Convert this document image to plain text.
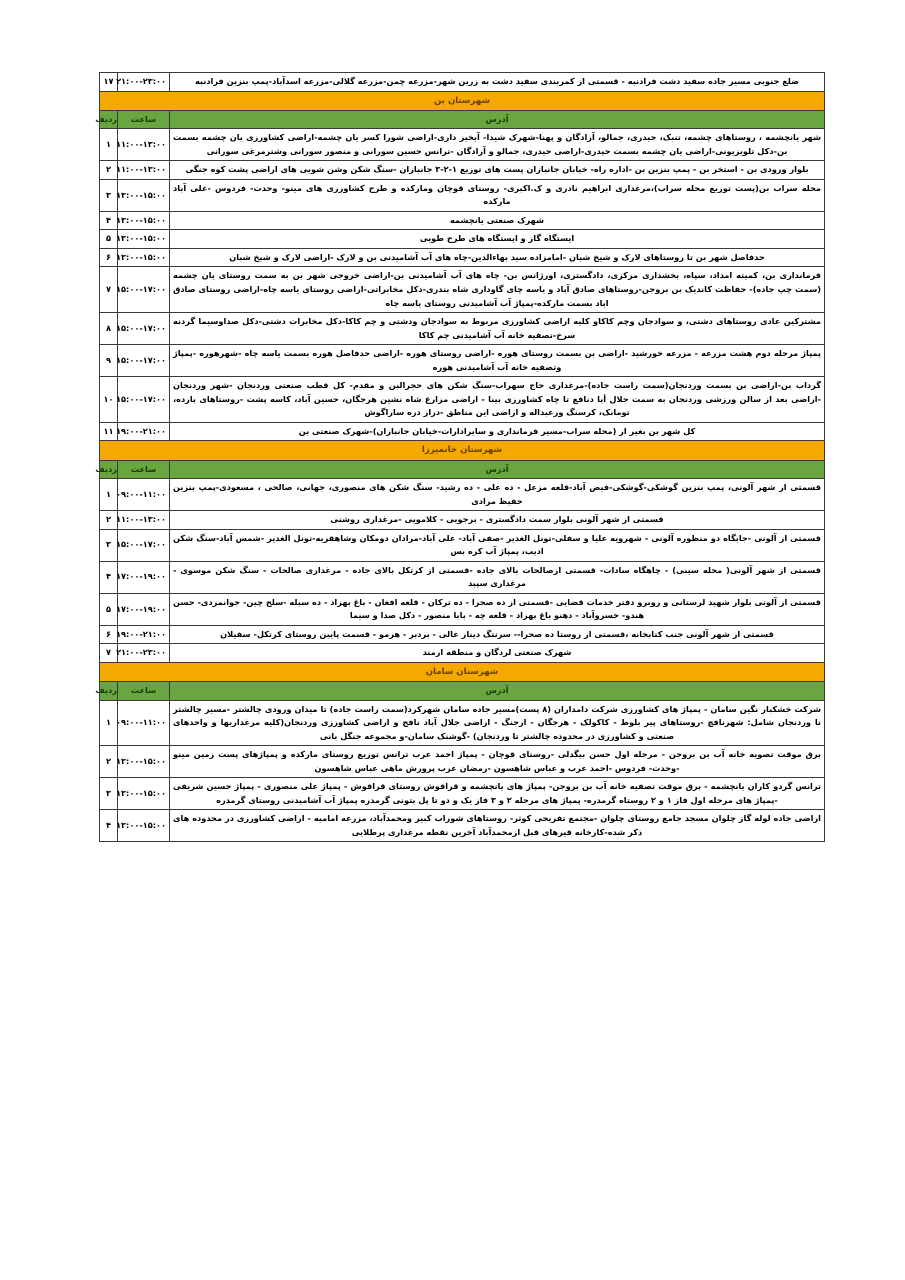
ضلع جنوبی مسیر جاده سفید دشت فرادنبه - قسمتی از کمربندی سفید دشت به زرین شهر-مزرعه چمن-مزرعه گلالی-مزرعه اسدآباد-پمپ بنزین فرادنبه	۲۱:۰۰-۲۳:۰۰	۱۷
شهرستان بن		
آدرس	ساعت	ردیف
شهر یانچشمه ، روستاهای چشمه، تنبک، حیدری، جمالو، آزادگان و پهنا-شهرک شیدا- آبخیز داری-اراضی شورا کسر یان چشمه-اراضی کشاورزی یان چشمه بسمت بن-دکل تلویزیونی-اراضی یان چشمه بسمت حیدری-اراضی حیدری، جمالو و آزادگان -ترانس حسین سورانی و منصور سورانی وشترمرغی سورانی	۱۱:۰۰-۱۳:۰۰	۱
بلوار ورودی بن - استخر بن - پمپ بنزین بن -اداره راه- خیابان جانبازان پست های توزیع ۱-۲-۳ جانبازان -سنگ شکن وشن شویی های اراضی پشت کوه جنگی	۱۱:۰۰-۱۳:۰۰	۲
محله سراب بن(پست توزیع محله سراب)،مرغداری ابراهیم نادری و ک.اکبری- روستای قوچان ومارکده و طرح کشاورزی های مینو- وحدت- فردوس -علی آباد مارکده	۱۳:۰۰-۱۵:۰۰	۳
شهرک صنعتی یانچشمه	۱۳:۰۰-۱۵:۰۰	۴
ایستگاه گاز و ایستگاه های طرح طوبی	۱۳:۰۰-۱۵:۰۰	۵
حدفاصل شهر بن تا روستاهای لارک و شیخ شبان -امامزاده سید بهاءالدین-چاه های آب آشامیدنی بن و لارک -اراضی لارک و شیخ شبان	۱۳:۰۰-۱۵:۰۰	۶
فرمانداری بن، کمیته امداد، سپاه، بخشداری مرکزی، دادگستری، اورژانس بن- چاه های آب آشامیدنی بن-اراضی خروجی شهر بن به سمت روستای یان چشمه (سمت چپ جاده)- حفاظت کاندیک بن بروجن-روستاهای صادق آباد و یاسه چای گاوداری شاه بندری-دکل مخابراتی-اراضی روستای یاسه چاه-اراضی روستای صادق اباد بسمت مارکده-پمپاژ آب آشامیدنی روستای یاسه چاه	۱۵:۰۰-۱۷:۰۰	۷
مشترکین عادی روستاهای دشتی، و سوادجان وچم کاکاو کلیه اراضی کشاورزی مربوط به سوادجان ودشتی و چم کاکا-دکل مخابرات دشتی-دکل صداوسیما گردنه سرخ-تصفیه خانه آب آشامیدنی چم کاکا	۱۵:۰۰-۱۷:۰۰	۸
پمپاژ مرحله دوم هشت مزرعه - مزرعه خورشید -اراضی بن بسمت روستای هوره -اراضی روستای هوره -اراضی حدفاصل هوره بسمت یاسه چاه -شهرهوره -پمپاژ وتصفیه خانه آب آشامیدنی هوره	۱۵:۰۰-۱۷:۰۰	۹
گرداب بن-اراضی بن بسمت وردنجان(سمت راست جاده)-مرغداری حاج سهراب-سنگ شکن های حجرالبن و مقدم- کل قطب صنعتی وردنجان -شهر وردنجان -اراضی بعد از سالن ورزشی وردنجان به سمت جلال أبا دنافع تا چاه کشاورزی بینا - اراضی مزارع شاه نشین هرجگان، حسین آباد، کاسه پشت -روستاهای بارده، تومانک، کرسنگ ورعبداله و اراضی این مناطق -دراز دره ساراگوش	۱۵:۰۰-۱۷:۰۰	۱۰
کل شهر بن بغیر از (محله سراب-مسیر فرمانداری و سایرادارات-خیابان جانبازان)-شهرک صنعتی بن	۱۹:۰۰-۲۱:۰۰	۱۱
شهرستان خانمیرزا		
آدرس	ساعت	ردیف
قسمتی از شهر آلونی، پمپ بنزین گوشکی-گوشکی-فیض آباد-قلعه مزعل - ده علی - ده رشید- سنگ شکن های منصوری، جهانی، صالحی ، مسعودی-پمپ بنزین حفیظ مرادی	۰۹:۰۰-۱۱:۰۰	۱
قسمتی از شهر آلونی بلوار سمت دادگستری - برجویی - کلامویی -مرغداری روشنی	۱۱:۰۰-۱۳:۰۰	۲
قسمتی از آلونی -جایگاه دو منظوره آلونی - شهرویه علیا و سفلی-تونل الغدیر -صفی آباد- علی آباد-مرادان دومکان وشاهقریه-تونل الغدیر -شمس آباد-سنگ شکن ادیب، پمپاژ آب کره بس	۱۵:۰۰-۱۷:۰۰	۳
قسمتی از شهر آلونی( محله سینی) - چاهگاه سادات- قسمتی ازصالحات بالای جاده -قسمتی از کرتکل بالای جاده - مرغداری صالحات - سنگ شکن موسوی - مرغداری سپید	۱۷:۰۰-۱۹:۰۰	۴
قسمتی از آلونی بلوار شهید لرستانی و روبرو دفتر خدمات قضایی -قسمتی از ده صحرا - ده ترکان - قلعه افغان - باغ بهزاد - ده سیله -سلح چین- جوانمردی- حسن هندو- خسروآباد - دهنو باغ بهزاد - قلعه چه - بابا منصور - دکل صدا و سیما	۱۷:۰۰-۱۹:۰۰	۵
قسمتی از شهر آلونی جنب کتابخانه ،قسمتی از روستا ده صحرا-- سرنتگ دینار عالی - بردبر - هرمو - قسمت پایین روستای کرتکل- سفیلان	۱۹:۰۰-۲۱:۰۰	۶
شهرک صنعتی لردگان و منطقه ارمند	۲۱:۰۰-۲۳:۰۰	۷
شهرستان سامان		
آدرس	ساعت	ردیف
شرکت خشکبار نگین سامان - پمپاژ های کشاورزی شرکت دامداران (۸ پست)مسیر جاده سامان شهرکرد(سمت راست جاده) تا میدان ورودی چالشتر -مسیر چالشتر تا وردنجان شامل: شهرنافچ -روستاهای پیر بلوط - کاکولک - هرجگان - ارجنگ - اراضی جلال آباد نافج و اراضی کشاورزی وردنجان(کلیه مرغداریها و واحدهای صنعتی و کشاورزی در محدوده چالشتر تا وردنجان) -گوشنک سامان-و مجموعه جنگل بانی	۰۹:۰۰-۱۱:۰۰	۱
برق موقت تصویه خانه آب بن بروجن - مرحله اول حسن بیگدلی -روستای قوچان - پمپاژ احمد عرب ترانس توزیع روستای مارکده و پمپاژهای پست زمین مینو -وحدت- فردوس -احمد عرب و عباس شاهسون -رمضان عرب پرورش ماهی عباس شاهسون	۱۳:۰۰-۱۵:۰۰	۲
ترانس گردو کاران یانچشمه - برق موقت تصفیه خانه آب بن بروجن- پمپاژ های یانچشمه و قراقوش روستای قراقوش - پمپاژ علی منصوری - پمپاژ حسین شریفی -پمپاژ های مرحله اول فاز ۱ و ۲ روستاه گرمدره- پمپاژ های مرحله ۲ و ۳ فاز یک و دو تا پل بتونی گرمدره پمپاژ آب آشامیدنی روستای گرمدره	۱۳:۰۰-۱۵:۰۰	۳
اراضی جاده لوله گاز چلوان مسجد جامع روستای چلوان -مجتمع تفریحی کوثر- روستاهای شوراب کبیر ومحمدآباد، مزرعه امامیه - اراضی کشاورزی در محدوده های ذکر شده-کارخانه قیرهای قبل ازمحمدآباد آخرین نقطه مرغداری پرطلایی	۱۳:۰۰-۱۵:۰۰	۴
